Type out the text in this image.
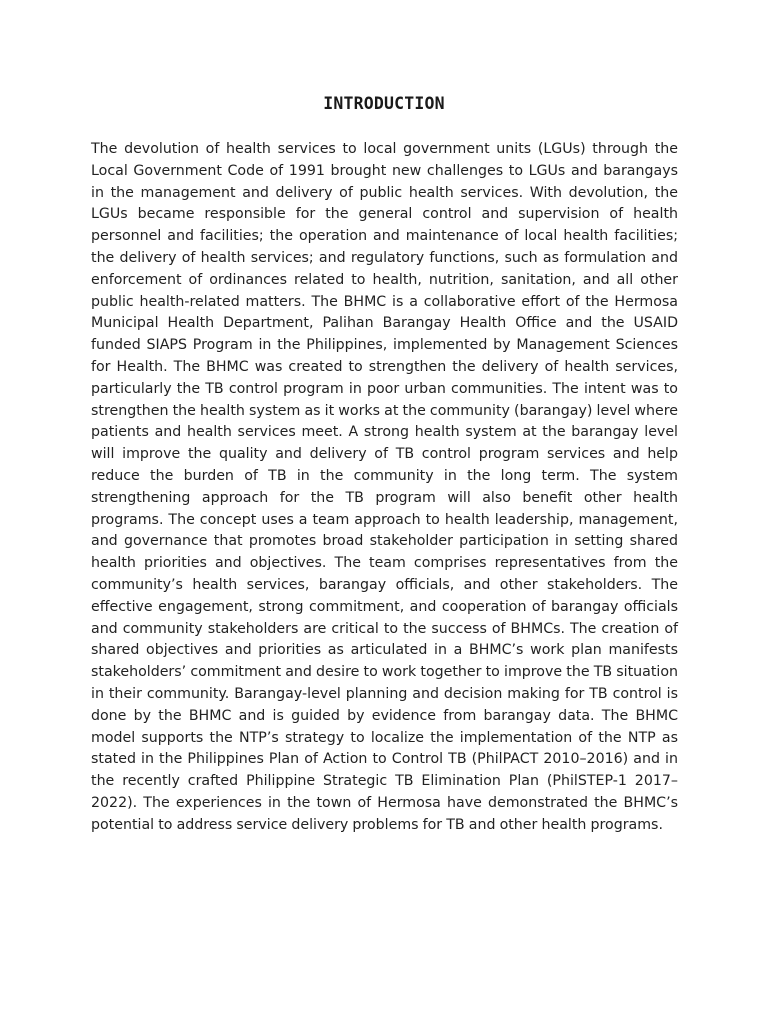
INTRODUCTION

The devolution of health services to local government units (LGUs) through the Local Government Code of 1991 brought new challenges to LGUs and barangays in the management and delivery of public health services. With devolution, the LGUs became responsible for the general control and supervision of health personnel and facilities; the operation and maintenance of local health facilities; the delivery of health services; and regulatory functions, such as formulation and enforcement of ordinances related to health, nutrition, sanitation, and all other public health-related matters. The BHMC is a collaborative effort of the Hermosa Municipal Health Department, Palihan Barangay Health Office and the USAID funded SIAPS Program in the Philippines, implemented by Management Sciences for Health. The BHMC was created to strengthen the delivery of health services, particularly the TB control program in poor urban communities. The intent was to strengthen the health system as it works at the community (barangay) level where patients and health services meet. A strong health system at the barangay level will improve the quality and delivery of TB control program services and help reduce the burden of TB in the community in the long term. The system strengthening approach for the TB program will also benefit other health programs. The concept uses a team approach to health leadership, management, and governance that promotes broad stakeholder participation in setting shared health priorities and objectives. The team comprises representatives from the community’s health services, barangay officials, and other stakeholders. The effective engagement, strong commitment, and cooperation of barangay officials and community stakeholders are critical to the success of BHMCs. The creation of shared objectives and priorities as articulated in a BHMC’s work plan manifests stakeholders’ commitment and desire to work together to improve the TB situation in their community. Barangay-level planning and decision making for TB control is done by the BHMC and is guided by evidence from barangay data. The BHMC model supports the NTP’s strategy to localize the implementation of the NTP as stated in the Philippines Plan of Action to Control TB (PhilPACT 2010–2016) and in the recently crafted Philippine Strategic TB Elimination Plan (PhilSTEP-1 2017–2022). The experiences in the town of Hermosa have demonstrated the BHMC’s potential to address service delivery problems for TB and other health programs.
